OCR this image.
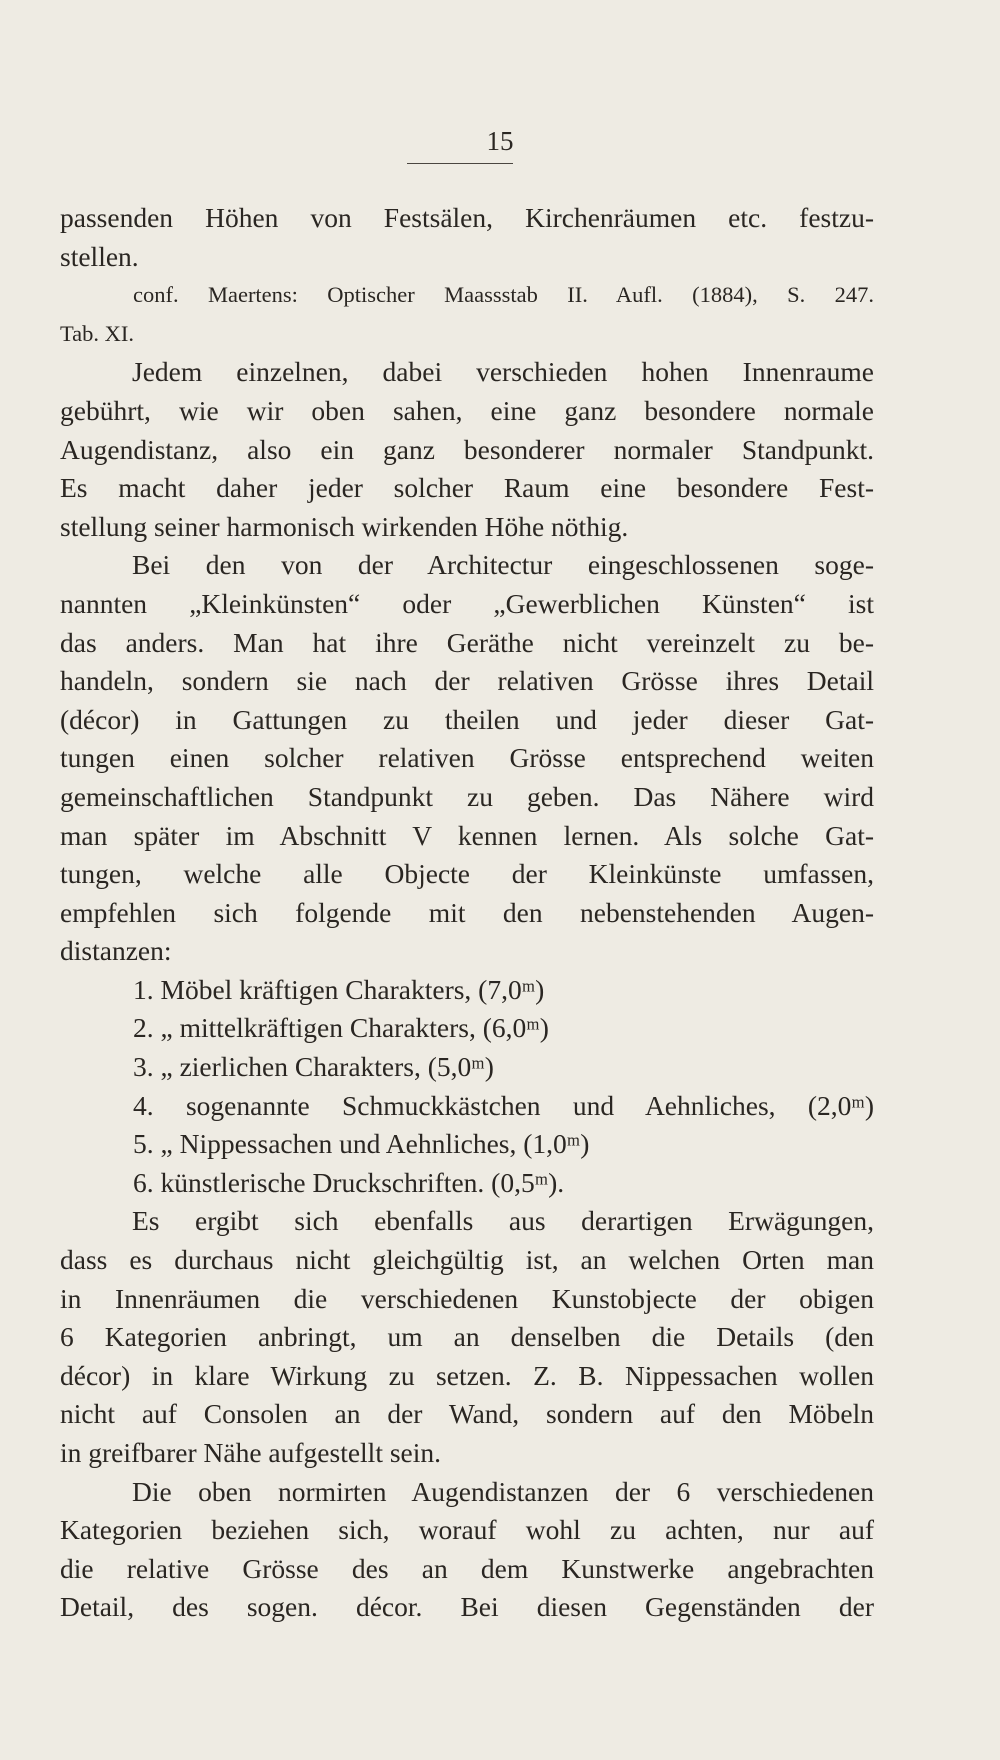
15
passenden Höhen von Festsälen, Kirchenräumen etc. festzu-
stellen.
conf. Maertens: Optischer Maassstab II. Aufl. (1884), S. 247.
Tab. XI.
Jedem einzelnen, dabei verschieden hohen Innenraume
gebührt, wie wir oben sahen, eine ganz besondere normale
Augendistanz, also ein ganz besonderer normaler Standpunkt.
Es macht daher jeder solcher Raum eine besondere Fest-
stellung seiner harmonisch wirkenden Höhe nöthig.
Bei den von der Architectur eingeschlossenen soge-
nannten „Kleinkünsten“ oder „Gewerblichen Künsten“ ist
das anders. Man hat ihre Geräthe nicht vereinzelt zu be-
handeln, sondern sie nach der relativen Grösse ihres Detail
(décor) in Gattungen zu theilen und jeder dieser Gat-
tungen einen solcher relativen Grösse entsprechend weiten
gemeinschaftlichen Standpunkt zu geben. Das Nähere wird
man später im Abschnitt V kennen lernen. Als solche Gat-
tungen, welche alle Objecte der Kleinkünste umfassen,
empfehlen sich folgende mit den nebenstehenden Augen-
distanzen:
1. Möbel kräftigen Charakters, (7,0ᵐ)
2. „ mittelkräftigen Charakters, (6,0ᵐ)
3. „ zierlichen Charakters, (5,0ᵐ)
4. sogenannte Schmuckkästchen und Aehnliches, (2,0ᵐ)
5. „ Nippessachen und Aehnliches, (1,0ᵐ)
6. künstlerische Druckschriften. (0,5ᵐ).
Es ergibt sich ebenfalls aus derartigen Erwägungen,
dass es durchaus nicht gleichgültig ist, an welchen Orten man
in Innenräumen die verschiedenen Kunstobjecte der obigen
6 Kategorien anbringt, um an denselben die Details (den
décor) in klare Wirkung zu setzen. Z. B. Nippessachen wollen
nicht auf Consolen an der Wand, sondern auf den Möbeln
in greifbarer Nähe aufgestellt sein.
Die oben normirten Augendistanzen der 6 verschiedenen
Kategorien beziehen sich, worauf wohl zu achten, nur auf
die relative Grösse des an dem Kunstwerke angebrachten
Detail, des sogen. décor. Bei diesen Gegenständen der
